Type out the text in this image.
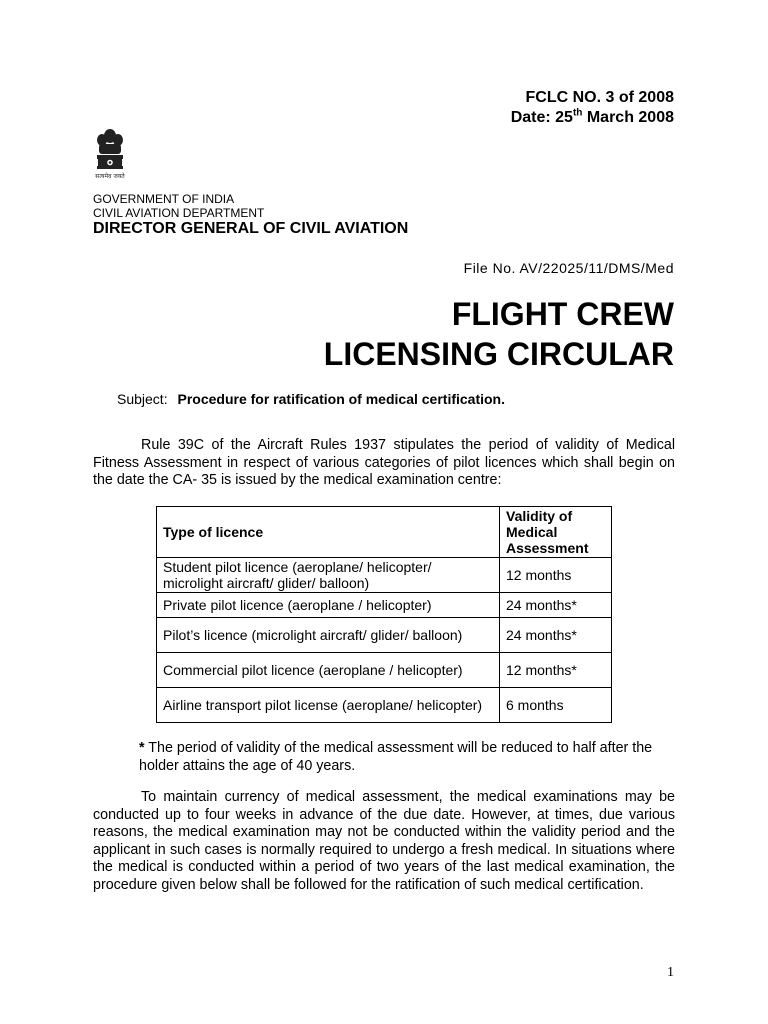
FCLC NO. 3 of 2008
Date: 25th March 2008
सत्यमेव जयते
GOVERNMENT OF INDIA
CIVIL AVIATION DEPARTMENT
DIRECTOR GENERAL OF CIVIL AVIATION
File No. AV/22025/11/DMS/Med
FLIGHT CREW
LICENSING CIRCULAR
Subject: Procedure for ratification of medical certification.
Rule 39C of the Aircraft Rules 1937 stipulates the period of validity of Medical Fitness Assessment in respect of various categories of pilot licences which shall begin on the date the CA- 35 is issued by the medical examination centre:
Type of licence	Validity of Medical Assessment
Student pilot licence (aeroplane/ helicopter/ microlight aircraft/ glider/ balloon)	12 months
Private pilot licence (aeroplane / helicopter)	24 months*
Pilot’s licence (microlight aircraft/ glider/ balloon)	24 months*
Commercial pilot licence (aeroplane / helicopter)	12 months*
Airline transport pilot license (aeroplane/ helicopter)	6 months
* The period of validity of the medical assessment will be reduced to half after the holder attains the age of 40 years.
To maintain currency of medical assessment, the medical examinations may be conducted up to four weeks in advance of the due date. However, at times, due various reasons, the medical examination may not be conducted within the validity period and the applicant in such cases is normally required to undergo a fresh medical. In situations where the medical is conducted within a period of two years of the last medical examination, the procedure given below shall be followed for the ratification of such medical certification.
1
